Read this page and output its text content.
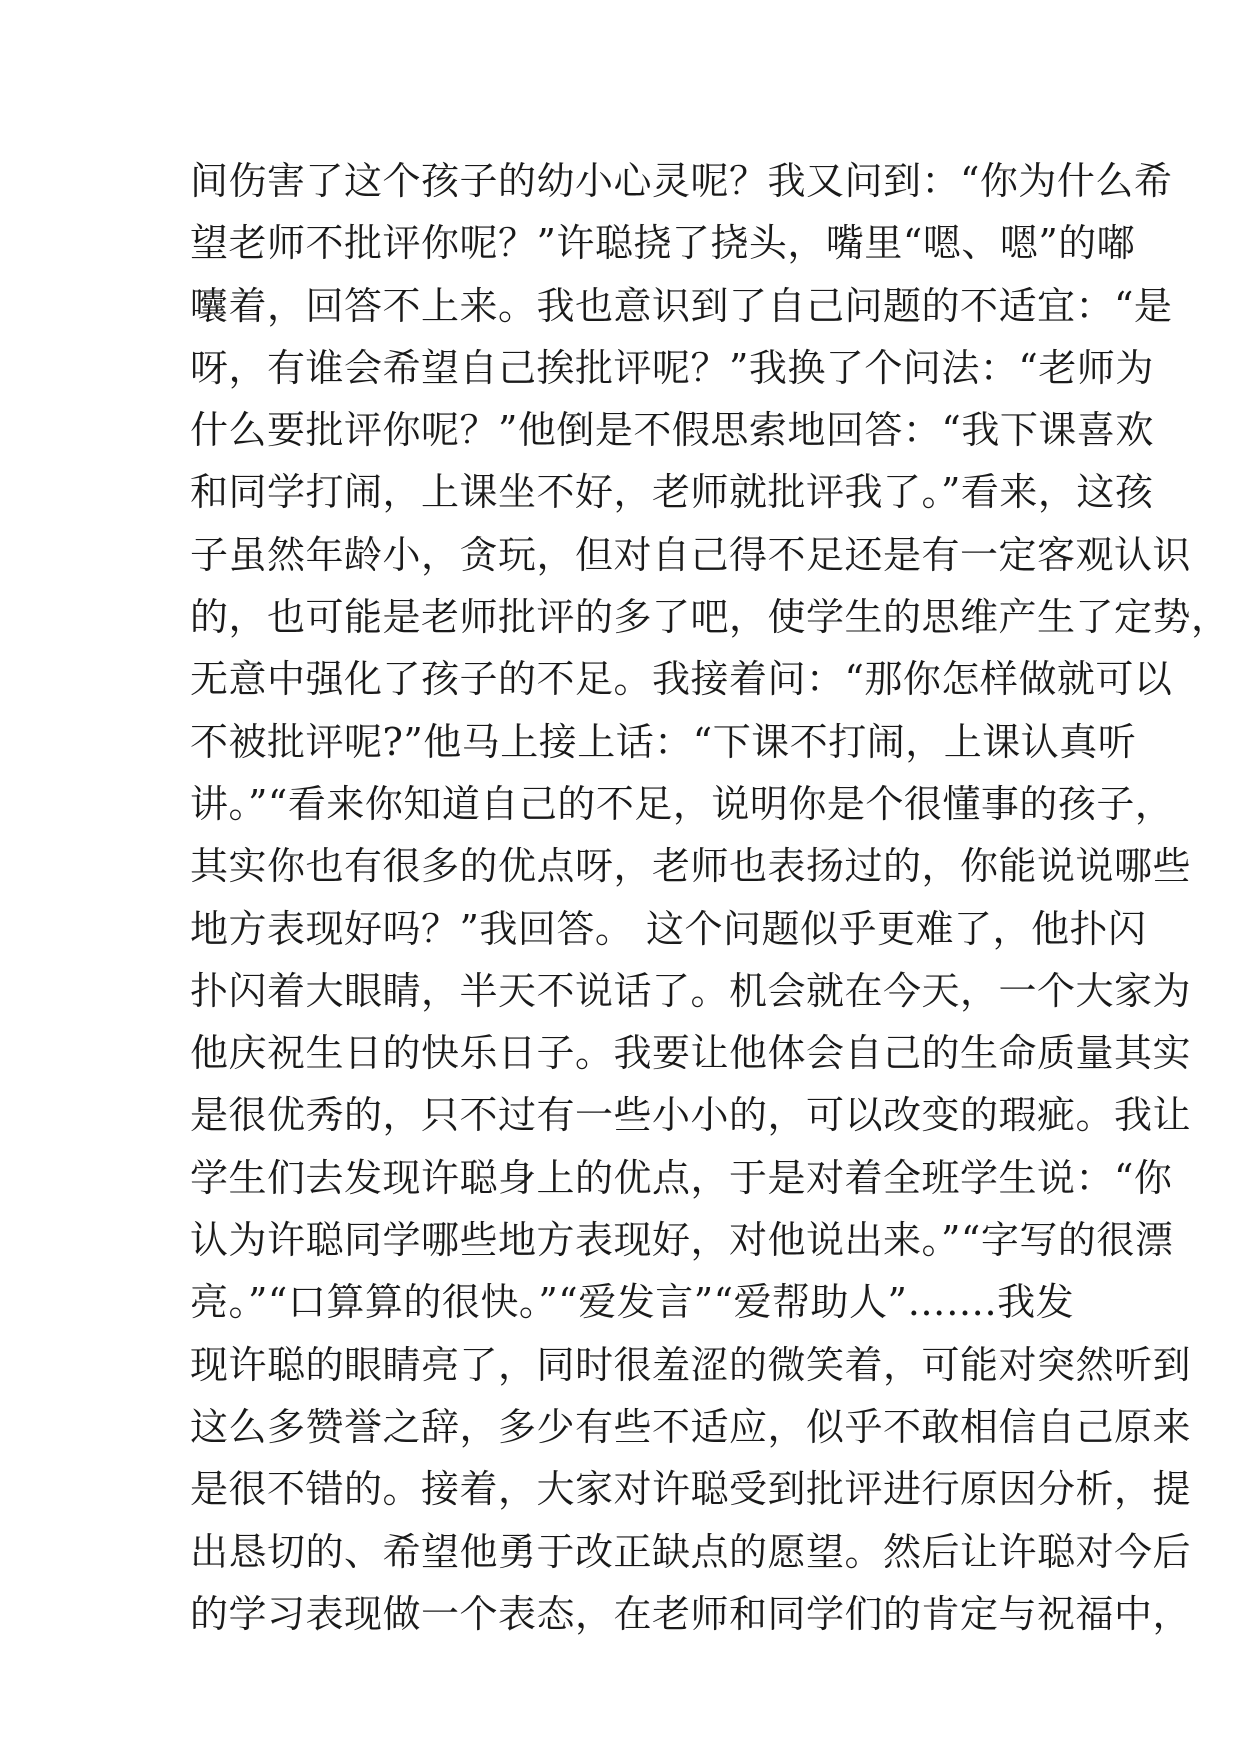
间伤害了这个孩子的幼小心灵呢？我又问到：“你为什么希
望老师不批评你呢？”许聪挠了挠头，嘴里“嗯、嗯”的嘟
囔着，回答不上来。我也意识到了自己问题的不适宜：“是
呀，有谁会希望自己挨批评呢？”我换了个问法：“老师为
什么要批评你呢？”他倒是不假思索地回答：“我下课喜欢
和同学打闹，上课坐不好，老师就批评我了。”看来，这孩
子虽然年龄小，贪玩，但对自己得不足还是有一定客观认识
的，也可能是老师批评的多了吧，使学生的思维产生了定势，
无意中强化了孩子的不足。我接着问：“那你怎样做就可以
不被批评呢?”他马上接上话：“下课不打闹，上课认真听
讲。”“看来你知道自己的不足，说明你是个很懂事的孩子，
其实你也有很多的优点呀，老师也表扬过的，你能说说哪些
地方表现好吗？”我回答。 这个问题似乎更难了，他扑闪
扑闪着大眼睛，半天不说话了。机会就在今天，一个大家为
他庆祝生日的快乐日子。我要让他体会自己的生命质量其实
是很优秀的，只不过有一些小小的，可以改变的瑕疵。我让
学生们去发现许聪身上的优点，于是对着全班学生说：“你
认为许聪同学哪些地方表现好，对他说出来。”“字写的很漂
亮。”“口算算的很快。”“爱发言”“爱帮助人”…….我发
现许聪的眼睛亮了，同时很羞涩的微笑着，可能对突然听到
这么多赞誉之辞，多少有些不适应，似乎不敢相信自己原来
是很不错的。接着，大家对许聪受到批评进行原因分析，提
出恳切的、希望他勇于改正缺点的愿望。然后让许聪对今后
的学习表现做一个表态，在老师和同学们的肯定与祝福中，
